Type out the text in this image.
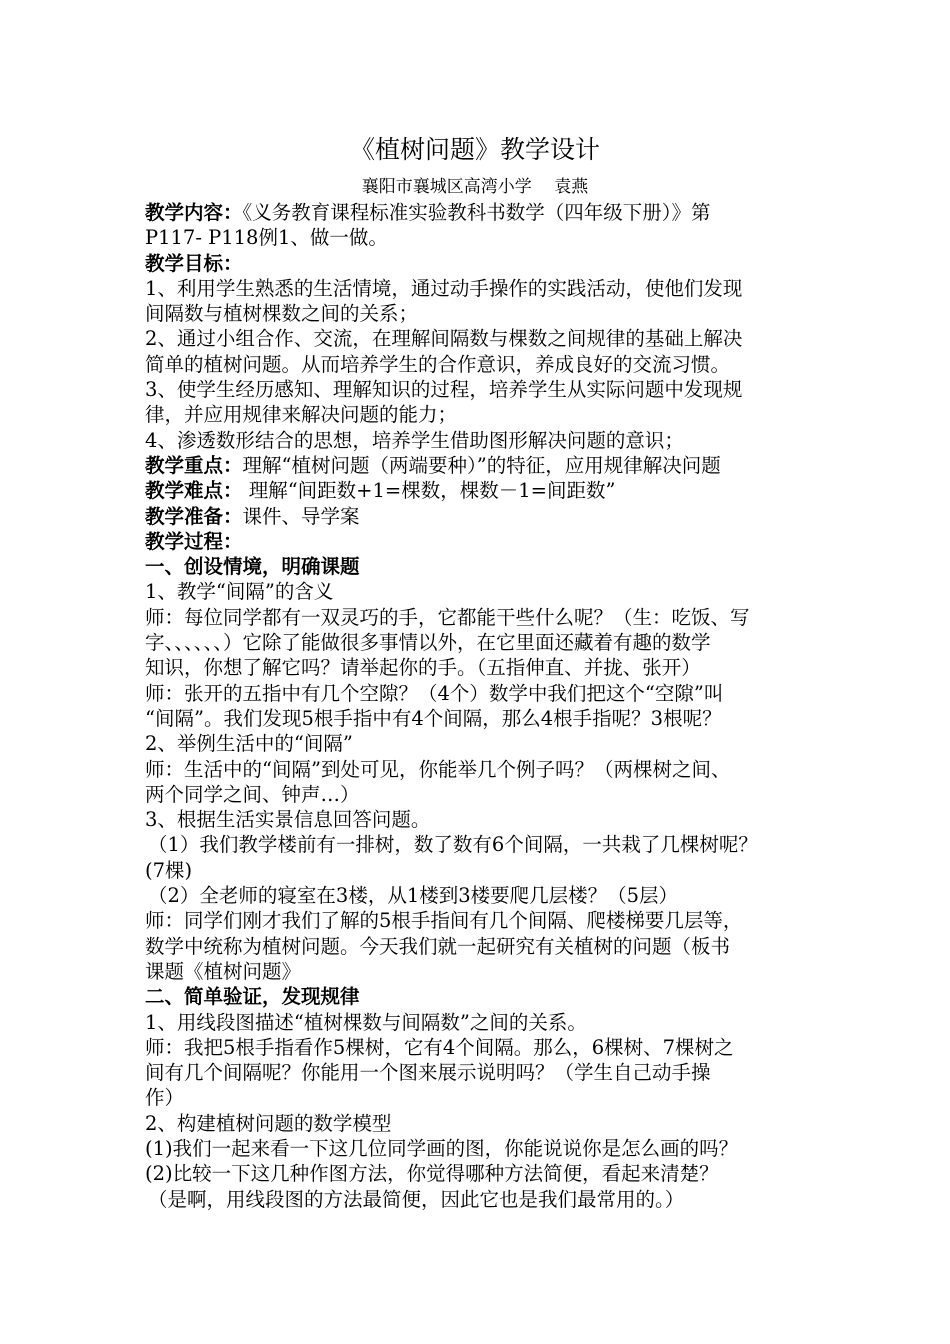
《植树问题》教学设计
襄阳市襄城区高湾小学　 袁燕

教学内容：《义务教育课程标准实验教科书数学（四年级下册）》第

P117- P118例1、做一做。

教学目标：

1、利用学生熟悉的生活情境，通过动手操作的实践活动，使他们发现

间隔数与植树棵数之间的关系；

2、通过小组合作、交流，在理解间隔数与棵数之间规律的基础上解决

简单的植树问题。从而培养学生的合作意识，养成良好的交流习惯。

3、使学生经历感知、理解知识的过程，培养学生从实际问题中发现规

律，并应用规律来解决问题的能力；

4、渗透数形结合的思想，培养学生借助图形解决问题的意识；

教学重点：理解“植树问题（两端要种）”的特征，应用规律解决问题

教学难点： 理解“间距数+1=棵数，棵数－1=间距数”

教学准备：课件、导学案

教学过程：

一、创设情境，明确课题

1、教学“间隔”的含义

师：每位同学都有一双灵巧的手，它都能干些什么呢？（生：吃饭、写

字、、、、、、）它除了能做很多事情以外，在它里面还藏着有趣的数学

知识，你想了解它吗？请举起你的手。（五指伸直、并拢、张开）

师：张开的五指中有几个空隙？（4个）数学中我们把这个“空隙”叫

“间隔”。我们发现5根手指中有4个间隔，那么4根手指呢？3根呢？

2、举例生活中的“间隔”

师：生活中的“间隔”到处可见，你能举几个例子吗？（两棵树之间、

两个同学之间、钟声…）

3、根据生活实景信息回答问题。

（1）我们教学楼前有一排树，数了数有6个间隔，一共栽了几棵树呢？

(7棵)

（2）全老师的寝室在3楼，从1楼到3楼要爬几层楼？（5层）

师：同学们刚才我们了解的5根手指间有几个间隔、爬楼梯要几层等，

数学中统称为植树问题。今天我们就一起研究有关植树的问题（板书

课题《植树问题》

二、简单验证，发现规律

1、用线段图描述“植树棵数与间隔数”之间的关系。

师：我把5根手指看作5棵树，它有4个间隔。那么，6棵树、7棵树之

间有几个间隔呢？你能用一个图来展示说明吗？（学生自己动手操

作）

2、构建植树问题的数学模型

(1)我们一起来看一下这几位同学画的图，你能说说你是怎么画的吗？

(2)比较一下这几种作图方法，你觉得哪种方法简便，看起来清楚？

（是啊，用线段图的方法最简便，因此它也是我们最常用的。）
